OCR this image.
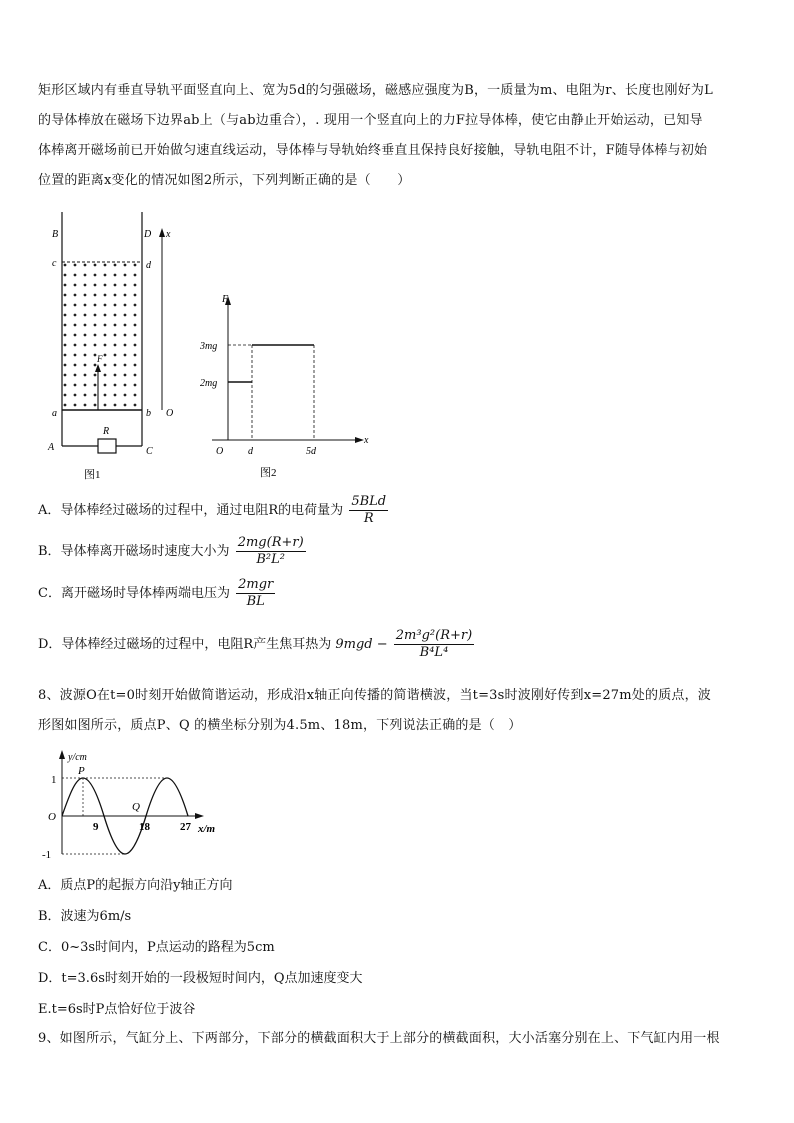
矩形区域内有垂直导轨平面竖直向上、宽为5d的匀强磁场，磁感应强度为B，一质量为m、电阻为r、长度也刚好为L
的导体棒放在磁场下边界ab上（与ab边重合），. 现用一个竖直向上的力F拉导体棒，使它由静止开始运动，已知导
体棒离开磁场前已开始做匀速直线运动，导体棒与导轨始终垂直且保持良好接触，导轨电阻不计，F随导体棒与初始
位置的距离x变化的情况如图2所示，下列判断正确的是（　　）
B	D
c	d
a	b
A	C
R
F
x
O
图1
F
x
O
3mg
2mg
d	5d
图2
A．导体棒经过磁场的过程中，通过电阻R的电荷量为 $\frac{\text{5BLd}}{R}$
B．导体棒离开磁场时速度大小为 $\frac{2mg(R+r)}{\text{B²L²}}$
C．离开磁场时导体棒两端电压为 $\frac{\text{2mgr}}{BL}$
D．导体棒经过磁场的过程中，电阻R产生焦耳热为 $9mgd - \frac{\text{2m³g²(R+r)}}{\text{B⁴L⁴}}$
8、波源O在t=0时刻开始做简谐运动，形成沿x轴正向传播的简谐横波，当t=3s时波刚好传到x=27m处的质点，波
形图如图所示，质点P、Q 的横坐标分别为4.5m、18m，下列说法正确的是（　）
y/cm
x/m
O
1
-1
9	18	27
P
Q
A．质点P的起振方向沿y轴正方向
B．波速为6m/s
C．0~3s时间内，P点运动的路程为5cm
D．t=3.6s时刻开始的一段极短时间内，Q点加速度变大
E.t=6s时P点恰好位于波谷
9、如图所示，气缸分上、下两部分，下部分的横截面积大于上部分的横截面积，大小活塞分别在上、下气缸内用一根
